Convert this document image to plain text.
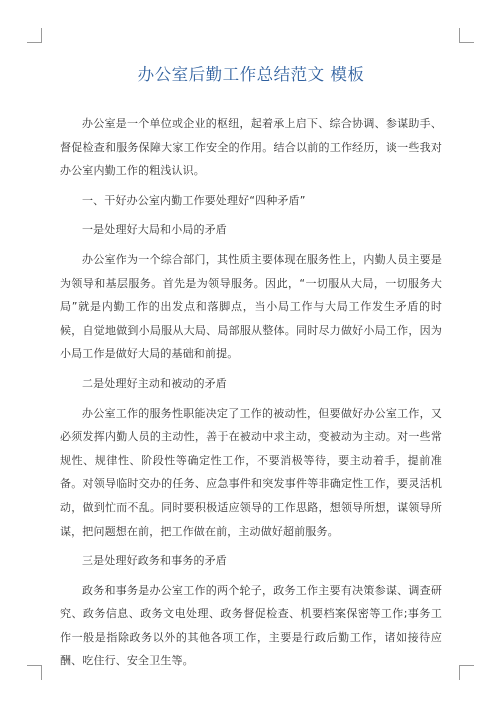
办公室后勤工作总结范文 模板

办公室是一个单位或企业的枢纽，起着承上启下、综合协调、参谋助手、督促检查和服务保障大家工作安全的作用。结合以前的工作经历，谈一些我对办公室内勤工作的粗浅认识。

一、干好办公室内勤工作要处理好“四种矛盾”

一是处理好大局和小局的矛盾

办公室作为一个综合部门，其性质主要体现在服务性上，内勤人员主要是为领导和基层服务。首先是为领导服务。因此，“一切服从大局，一切服务大局”就是内勤工作的出发点和落脚点，当小局工作与大局工作发生矛盾的时候，自觉地做到小局服从大局、局部服从整体。同时尽力做好小局工作，因为小局工作是做好大局的基础和前提。

二是处理好主动和被动的矛盾

办公室工作的服务性职能决定了工作的被动性，但要做好办公室工作，又必须发挥内勤人员的主动性，善于在被动中求主动，变被动为主动。对一些常规性、规律性、阶段性等确定性工作，不要消极等待，要主动着手，提前准备。对领导临时交办的任务、应急事件和突发事件等非确定性工作，要灵活机动，做到忙而不乱。同时要积极适应领导的工作思路，想领导所想，谋领导所谋，把问题想在前，把工作做在前，主动做好超前服务。

三是处理好政务和事务的矛盾

政务和事务是办公室工作的两个轮子，政务工作主要有决策参谋、调查研究、政务信息、政务文电处理、政务督促检查、机要档案保密等工作;事务工作一般是指除政务以外的其他各项工作，主要是行政后勤工作，诸如接待应酬、吃住行、安全卫生等。
